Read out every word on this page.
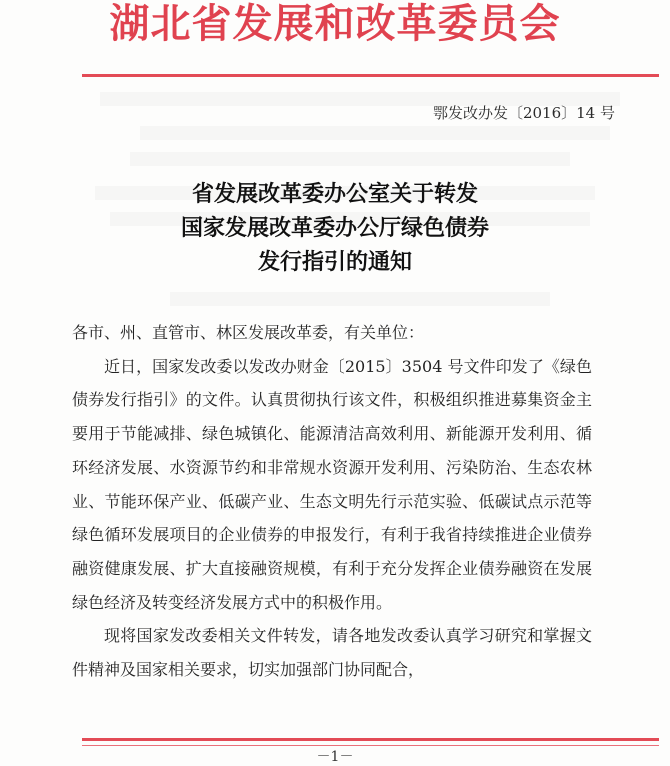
湖北省发展和改革委员会
鄂发改办发〔2016〕14 号
省发展改革委办公室关于转发
国家发展改革委办公厅绿色债券
发行指引的通知

各市、州、直管市、林区发展改革委，有关单位：

近日，国家发改委以发改办财金〔2015〕3504 号文件印发了《绿色债券发行指引》的文件。认真贯彻执行该文件，积极组织推进募集资金主要用于节能减排、绿色城镇化、能源清洁高效利用、新能源开发利用、循环经济发展、水资源节约和非常规水资源开发利用、污染防治、生态农林业、节能环保产业、低碳产业、生态文明先行示范实验、低碳试点示范等绿色循环发展项目的企业债券的申报发行，有利于我省持续推进企业债券融资健康发展、扩大直接融资规模，有利于充分发挥企业债券融资在发展绿色经济及转变经济发展方式中的积极作用。

现将国家发改委相关文件转发，请各地发改委认真学习研究和掌握文件精神及国家相关要求，切实加强部门协同配合，

－1－
